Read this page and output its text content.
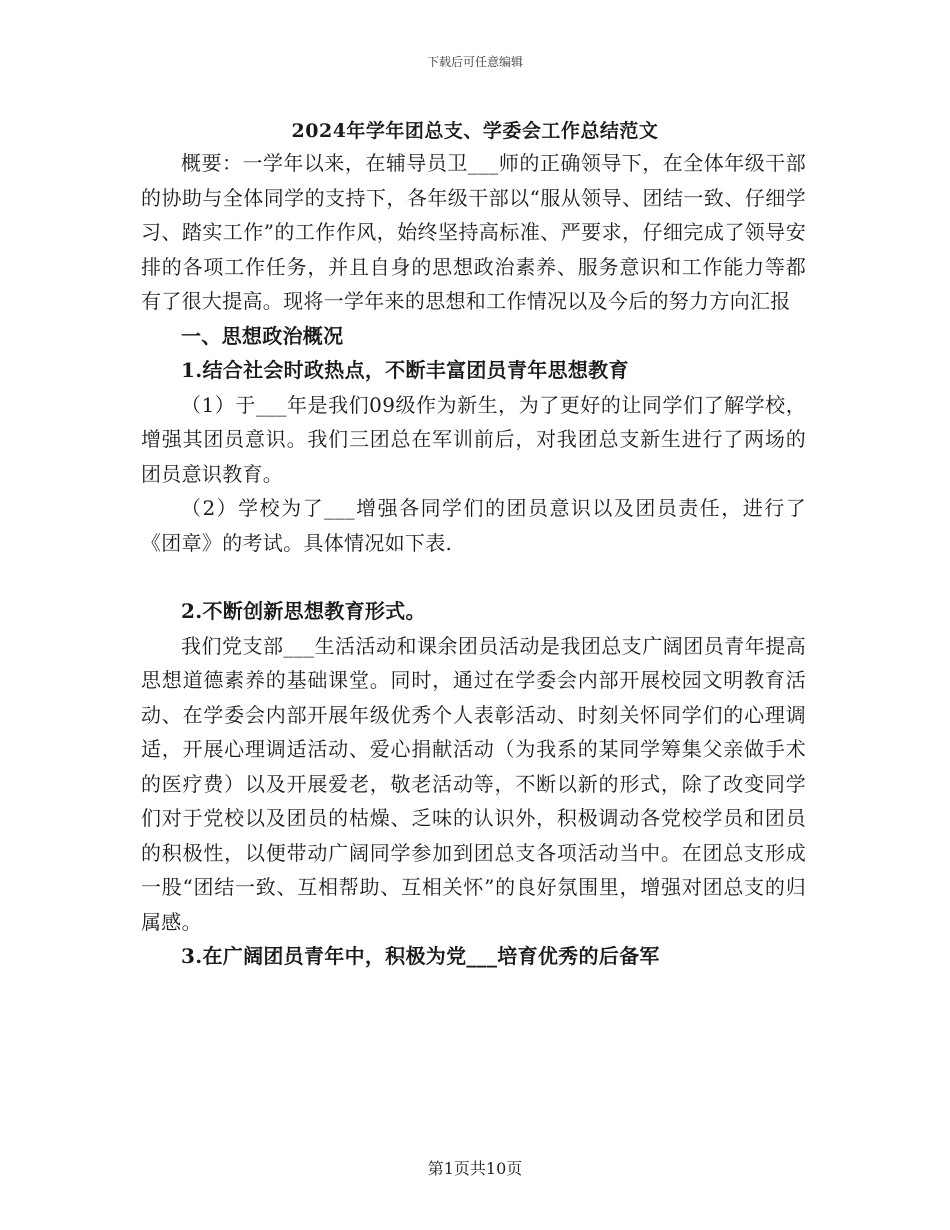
下载后可任意编辑
2024年学年团总支、学委会工作总结范文

概要：一学年以来，在辅导员卫___师的正确领导下，在全体年级干部的协助与全体同学的支持下，各年级干部以“服从领导、团结一致、仔细学习、踏实工作”的工作作风，始终坚持高标准、严要求，仔细完成了领导安排的各项工作任务，并且自身的思想政治素养、服务意识和工作能力等都有了很大提高。现将一学年来的思想和工作情况以及今后的努力方向汇报

一、思想政治概况

1.结合社会时政热点，不断丰富团员青年思想教育

（1）于___年是我们09级作为新生，为了更好的让同学们了解学校，增强其团员意识。我们三团总在军训前后，对我团总支新生进行了两场的团员意识教育。

（2）学校为了___增强各同学们的团员意识以及团员责任，进行了《团章》的考试。具体情况如下表.

2.不断创新思想教育形式。

我们党支部___生活活动和课余团员活动是我团总支广阔团员青年提高思想道德素养的基础课堂。同时，通过在学委会内部开展校园文明教育活动、在学委会内部开展年级优秀个人表彰活动、时刻关怀同学们的心理调适，开展心理调适活动、爱心捐献活动（为我系的某同学筹集父亲做手术的医疗费）以及开展爱老，敬老活动等，不断以新的形式，除了改变同学们对于党校以及团员的枯燥、乏味的认识外，积极调动各党校学员和团员的积极性，以便带动广阔同学参加到团总支各项活动当中。在团总支形成一股“团结一致、互相帮助、互相关怀”的良好氛围里，增强对团总支的归属感。

3.在广阔团员青年中，积极为党___培育优秀的后备军

第1页共10页
